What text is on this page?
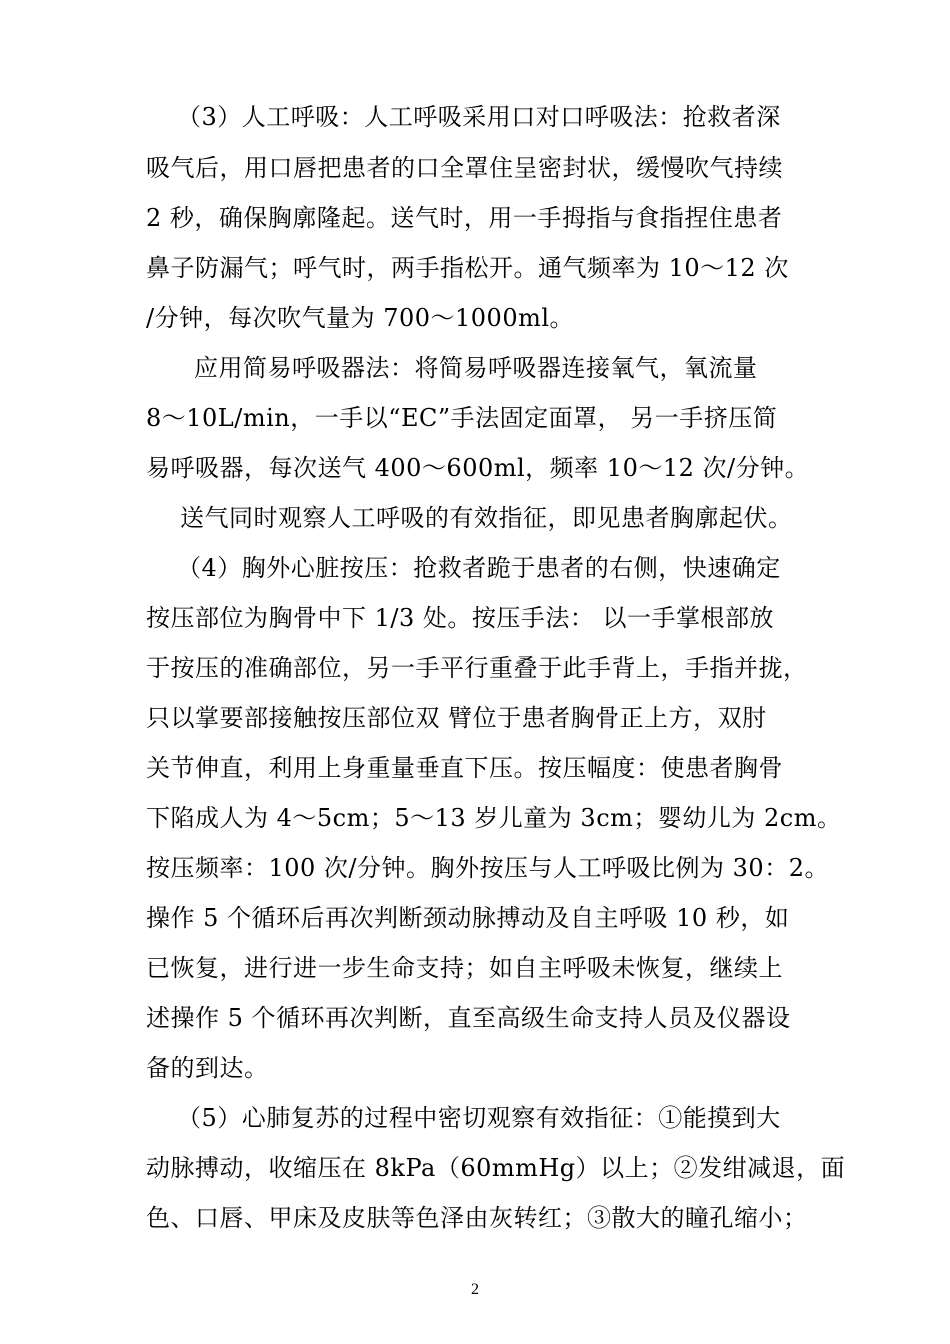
（3）人工呼吸：人工呼吸采用口对口呼吸法：抢救者深
吸气后，用口唇把患者的口全罩住呈密封状，缓慢吹气持续
2 秒，确保胸廓隆起。送气时，用一手拇指与食指捏住患者
鼻子防漏气；呼气时，两手指松开。通气频率为 10～12 次
/分钟，每次吹气量为 700～1000ml。
应用简易呼吸器法：将简易呼吸器连接氧气，氧流量
8～10L/min，一手以“EC”手法固定面罩， 另一手挤压简
易呼吸器，每次送气 400～600ml，频率 10～12 次/分钟。
送气同时观察人工呼吸的有效指征，即见患者胸廓起伏。
（4）胸外心脏按压：抢救者跪于患者的右侧，快速确定
按压部位为胸骨中下 1/3 处。按压手法： 以一手掌根部放
于按压的准确部位，另一手平行重叠于此手背上，手指并拢，
只以掌要部接触按压部位双 臂位于患者胸骨正上方，双肘
关节伸直，利用上身重量垂直下压。按压幅度：使患者胸骨
下陷成人为 4～5cm；5～13 岁儿童为 3cm；婴幼儿为 2cm。
按压频率：100 次/分钟。胸外按压与人工呼吸比例为 30：2。
操作 5 个循环后再次判断颈动脉搏动及自主呼吸 10 秒，如
已恢复，进行进一步生命支持；如自主呼吸未恢复，继续上
述操作 5 个循环再次判断，直至高级生命支持人员及仪器设
备的到达。
（5）心肺复苏的过程中密切观察有效指征：①能摸到大
动脉搏动，收缩压在 8kPa（60mmHg）以上；②发绀减退，面
色、口唇、甲床及皮肤等色泽由灰转红；③散大的瞳孔缩小；
2
